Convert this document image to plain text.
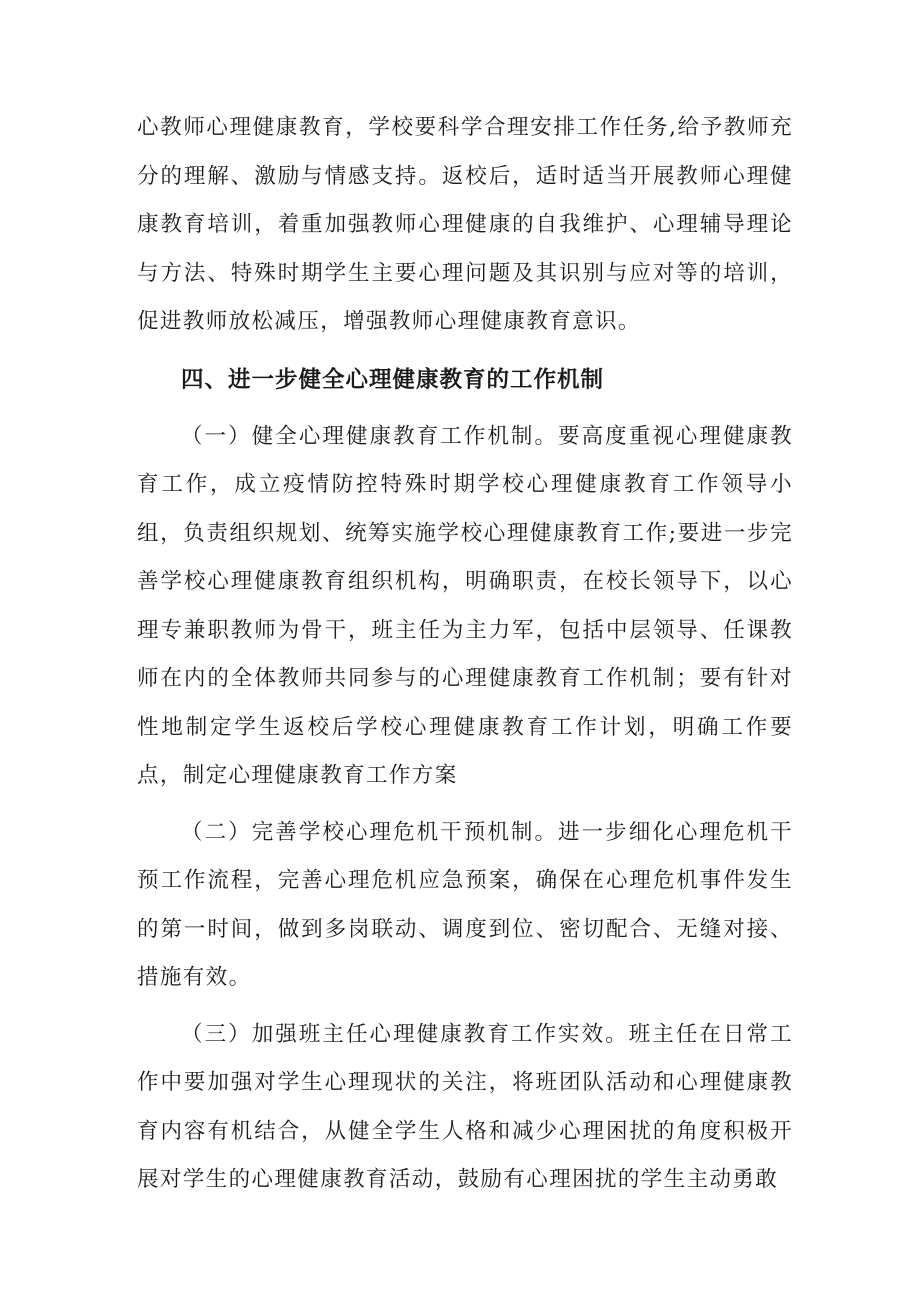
心教师心理健康教育，学校要科学合理安排工作任务,给予教师充分的理解、激励与情感支持。返校后，适时适当开展教师心理健康教育培训，着重加强教师心理健康的自我维护、心理辅导理论与方法、特殊时期学生主要心理问题及其识别与应对等的培训，促进教师放松减压，增强教师心理健康教育意识。

四、进一步健全心理健康教育的工作机制

（一）健全心理健康教育工作机制。要高度重视心理健康教育工作，成立疫情防控特殊时期学校心理健康教育工作领导小组，负责组织规划、统筹实施学校心理健康教育工作;要进一步完善学校心理健康教育组织机构，明确职责，在校长领导下，以心理专兼职教师为骨干，班主任为主力军，包括中层领导、任课教师在内的全体教师共同参与的心理健康教育工作机制；要有针对性地制定学生返校后学校心理健康教育工作计划，明确工作要点，制定心理健康教育工作方案

（二）完善学校心理危机干预机制。进一步细化心理危机干预工作流程，完善心理危机应急预案，确保在心理危机事件发生的第一时间，做到多岗联动、调度到位、密切配合、无缝对接、措施有效。

（三）加强班主任心理健康教育工作实效。班主任在日常工作中要加强对学生心理现状的关注，将班团队活动和心理健康教育内容有机结合，从健全学生人格和减少心理困扰的角度积极开展对学生的心理健康教育活动，鼓励有心理困扰的学生主动勇敢
